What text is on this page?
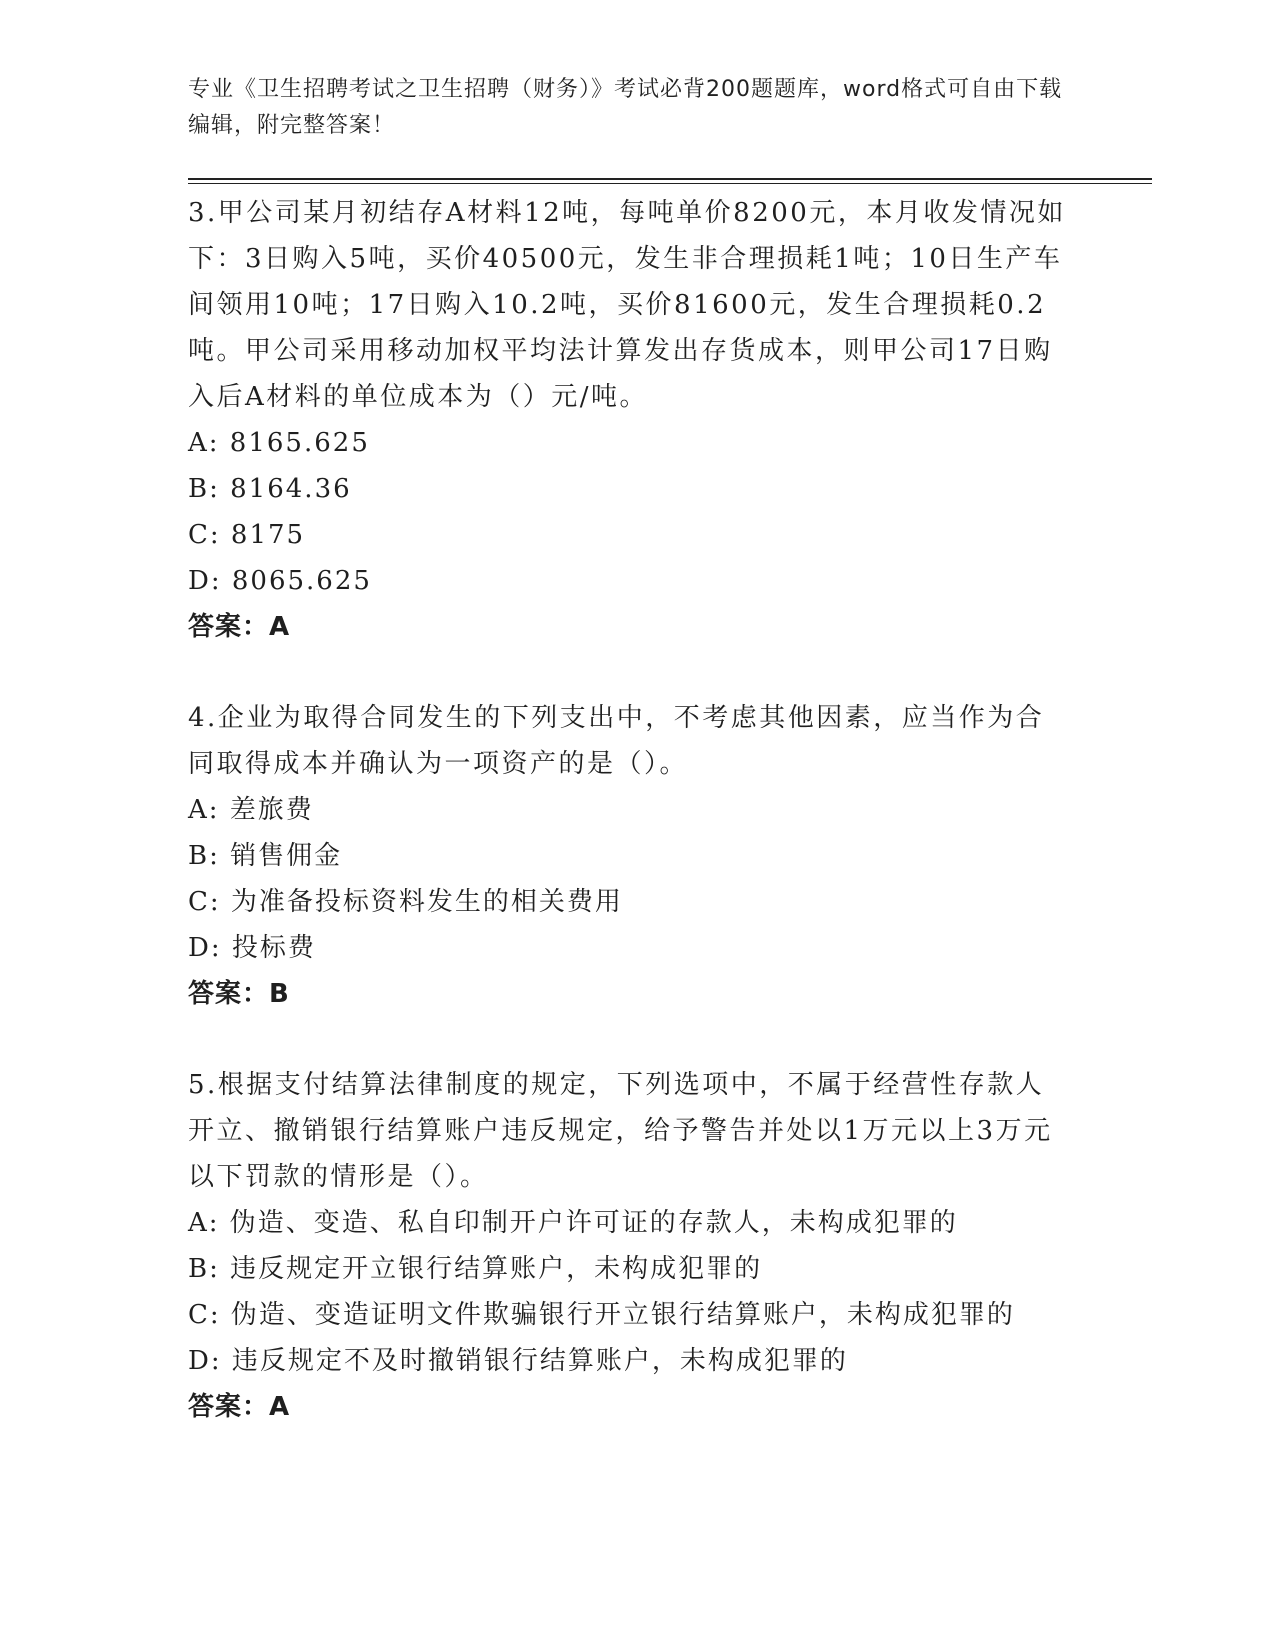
专业《卫生招聘考试之卫生招聘（财务）》考试必背200题题库，word格式可自由下载编辑，附完整答案！

3.甲公司某月初结存A材料12吨，每吨单价8200元，本月收发情况如下：3日购入5吨，买价40500元，发生非合理损耗1吨；10日生产车间领用10吨；17日购入10.2吨，买价81600元，发生合理损耗0.2吨。甲公司采用移动加权平均法计算发出存货成本，则甲公司17日购入后A材料的单位成本为（）元/吨。

A: 8165.625

B: 8164.36

C: 8175

D: 8065.625

答案：A

4.企业为取得合同发生的下列支出中，不考虑其他因素，应当作为合同取得成本并确认为一项资产的是（）。

A: 差旅费

B: 销售佣金

C: 为准备投标资料发生的相关费用

D: 投标费

答案：B

5.根据支付结算法律制度的规定，下列选项中，不属于经营性存款人开立、撤销银行结算账户违反规定，给予警告并处以1万元以上3万元以下罚款的情形是（）。

A: 伪造、变造、私自印制开户许可证的存款人，未构成犯罪的

B: 违反规定开立银行结算账户，未构成犯罪的

C: 伪造、变造证明文件欺骗银行开立银行结算账户，未构成犯罪的

D: 违反规定不及时撤销银行结算账户，未构成犯罪的

答案：A
